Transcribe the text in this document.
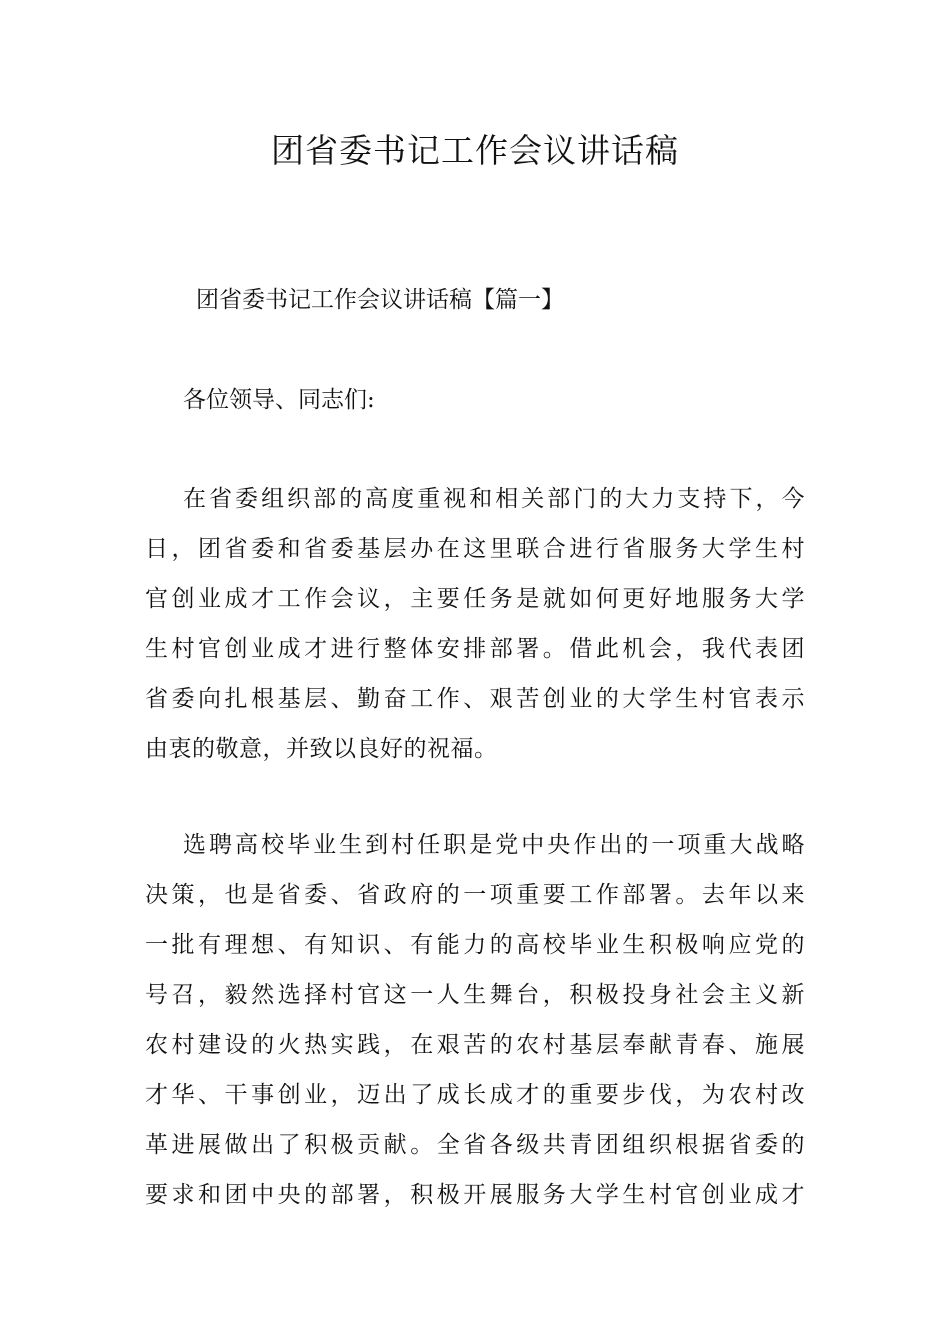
团省委书记工作会议讲话稿

团省委书记工作会议讲话稿【篇一】

各位领导、同志们:

在省委组织部的高度重视和相关部门的大力支持下，今
日，团省委和省委基层办在这里联合进行省服务大学生村
官创业成才工作会议，主要任务是就如何更好地服务大学
生村官创业成才进行整体安排部署。借此机会，我代表团
省委向扎根基层、勤奋工作、艰苦创业的大学生村官表示
由衷的敬意，并致以良好的祝福。
选聘高校毕业生到村任职是党中央作出的一项重大战略
决策，也是省委、省政府的一项重要工作部署。去年以来
一批有理想、有知识、有能力的高校毕业生积极响应党的
号召，毅然选择村官这一人生舞台，积极投身社会主义新
农村建设的火热实践，在艰苦的农村基层奉献青春、施展
才华、干事创业，迈出了成长成才的重要步伐，为农村改
革进展做出了积极贡献。全省各级共青团组织根据省委的
要求和团中央的部署，积极开展服务大学生村官创业成才
